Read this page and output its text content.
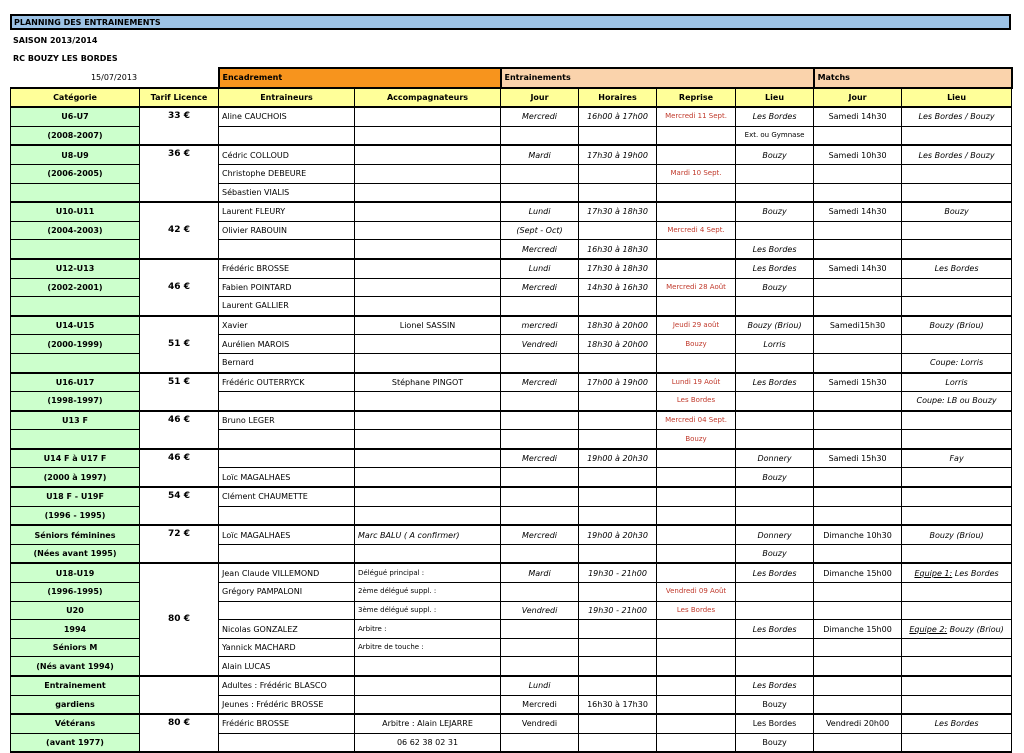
PLANNING DES ENTRAINEMENTS
SAISON 2013/2014
RC BOUZY LES BORDES
15/07/2013		Encadrement		Entrainements				Matchs	
Catégorie	Tarif Licence	Entraineurs	Accompagnateurs	Jour	Horaires	Reprise	Lieu	Jour	Lieu
U6-U7	33 €	Aline CAUCHOIS		Mercredi	16h00 à 17h00	Mercredi 11 Sept.	Les Bordes	Samedi 14h30	Les Bordes / Bouzy
(2008-2007)							Ext. ou Gymnase		
U8-U9	36 €	Cédric COLLOUD		Mardi	17h30 à 19h00		Bouzy	Samedi 10h30	Les Bordes / Bouzy
(2006-2005)		Christophe DEBEURE				Mardi 10 Sept.			
		Sébastien VIALIS							
U10-U11	42 €	Laurent FLEURY		Lundi	17h30 à 18h30		Bouzy	Samedi 14h30	Bouzy
(2004-2003)		Olivier RABOUIN		(Sept - Oct)		Mercredi 4 Sept.			
				Mercredi	16h30 à 18h30		Les Bordes		
U12-U13	46 €	Frédéric BROSSE		Lundi	17h30 à 18h30		Les Bordes	Samedi 14h30	Les Bordes
(2002-2001)		Fabien POINTARD		Mercredi	14h30 à 16h30	Mercredi 28 Août	Bouzy		
		Laurent GALLIER							
U14-U15	51 €	Xavier	Lionel SASSIN	mercredi	18h30 à 20h00	Jeudi 29 août	Bouzy (Briou)	Samedi15h30	Bouzy (Briou)
(2000-1999)		Aurélien MAROIS		Vendredi	18h30 à 20h00	Bouzy	Lorris		
		Bernard							Coupe: Lorris
U16-U17	51 €	Frédéric OUTERRYCK	Stéphane PINGOT	Mercredi	17h00 à 19h00	Lundi 19 Août	Les Bordes	Samedi 15h30	Lorris
(1998-1997)						Les Bordes			Coupe: LB ou Bouzy
U13 F	46 €	Bruno LEGER				Mercredi 04 Sept.			
						Bouzy			
U14 F à U17 F	46 €			Mercredi	19h00 à 20h30		Donnery	Samedi 15h30	Fay
(2000 à 1997)		Loïc MAGALHAES					Bouzy		
U18 F - U19F	54 €	Clément CHAUMETTE							
(1996 - 1995)									
Séniors féminines	72 €	Loïc MAGALHAES	Marc BALU ( A confirmer)	Mercredi	19h00 à 20h30		Donnery	Dimanche 10h30	Bouzy (Briou)
(Nées avant 1995)							Bouzy		
U18-U19	80 €	Jean Claude VILLEMOND	Délégué principal :	Mardi	19h30 - 21h00		Les Bordes	Dimanche 15h00	Equipe 1: Les Bordes
(1996-1995)		Grégory PAMPALONI	2ème délégué suppl. :			Vendredi 09 Août			
U20			3ème délégué suppl. :	Vendredi	19h30 - 21h00	Les Bordes			
1994		Nicolas GONZALEZ	Arbitre :				Les Bordes	Dimanche 15h00	Equipe 2: Bouzy (Briou)
Séniors M		Yannick MACHARD	Arbitre de touche :						
(Nés avant 1994)		Alain LUCAS							
Entrainement		Adultes : Frédéric BLASCO		Lundi			Les Bordes		
gardiens		Jeunes : Frédéric BROSSE		Mercredi	16h30 à 17h30		Bouzy		
Vétérans	80 €	Frédéric BROSSE	Arbitre : Alain LEJARRE	Vendredi			Les Bordes	Vendredi 20h00	Les Bordes
(avant 1977)			06 62 38 02 31				Bouzy		
